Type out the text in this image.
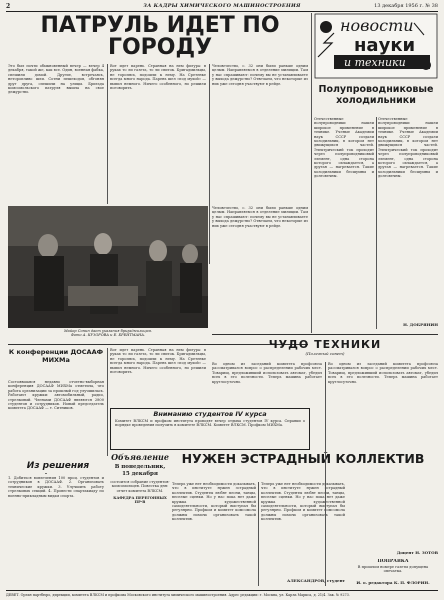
2	ЗА КАДРЫ ХИМИЧЕСКОГО МАШИНОСТРОЕНИЯ	13 декабря 1956 г. № 38
ПАТРУЛЬ ИДЕТ ПО ГОРОДУ
Это был почти обыкновенный вечер — вечер 4 декабря, такой же, как все. Один, военная фабка, спешили домой. Другие, встречаясь, неторопливо шли. Сотни пешеходов, обгоняя друг друга, спешили на улицы. Бригада комсомольского патруля вышла на свое дежурство.
Вот идет парень. Странная на нем фигура: в руках то ли газета, то ли свиток. Бригадмильцы, не торопясь, подошли к нему. На Сретенке всегда много народа. Парень шел «под мухой» — выпил немного. Ничего особенного, но решили поговорить.
Человечество, с. 32 они были раньше одним целым. Направляемся в отделение милиции. Там у нас спрашивают: почему вы не устанавливаете у выхода дежурство? Отвечаем, что некоторые из них уже сегодня участвуют в рейде.
Майор Сонин дает указания бригадмильцам.
Фото А. КУЗОРОВА и Е. БРЕЙТМАНА.
Человечество, с. 32 они были раньше одним целым. Направляемся в отделение милиции. Там у нас спрашивают: почему вы не устанавливаете у выхода дежурство? Отвечаем, что некоторые из них уже сегодня участвуют в рейде.
К конференции ДОСААФ МИХМа
Состоявшаяся недавно отчетно-выборная конференция ДОСААФ МИХМа отметила, что работа организации за прошлый год улучшилась. Работают кружки: автомобильный, радио, стрелковый. Членами ДОСААФ являются 2800 студентов и сотрудников. Новый председатель комитета ДОСААФ — т. Ситников.
Вот идет парень. Странная на нем фигура: в руках то ли газета, то ли свиток. Бригадмильцы, не торопясь, подошли к нему. На Сретенке всегда много народа. Парень шел «под мухой» — выпил немного. Ничего особенного, но решили поговорить.
Вниманию студентов IV курса
Комитет ВЛКСМ и профком института проводят вечер отдыха студентов IV курса. Справки о порядке проведения получить в комитете ВЛКСМ. Комитет ВЛКСМ. Профком МИХМа.
Объявление
В понедельник, 15 декабря
состоится собрание студентов-комсомольцев. Повестка дня: отчет комитета ВЛКСМ.
КАФЕДРА ПЕРЕГОННЫХ ПР-В
Из решения
1. Добиться вовлечения 100 проц. студентов и сотрудников в ДОСААФ. 2. Организовать технические кружки. 3. Улучшить работу стрелковых секций. 4. Провести спартакиаду по военно-прикладным видам спорта.
НУЖЕН ЭСТРАДНЫЙ КОЛЛЕКТИВ
Теперь уже нет необходимости доказывать, что в институте нужен эстрадный коллектив. Студенты любят песни, танцы, веселые сценки. Но у нас пока нет даже кружка художественной самодеятельности, который выступал бы регулярно. Профком и комитет комсомола должны помочь организовать такой коллектив.
Теперь уже нет необходимости доказывать, что в институте нужен эстрадный коллектив. Студенты любят песни, танцы, веселые сценки. Но у нас пока нет даже кружка художественной самодеятельности, который выступал бы регулярно. Профком и комитет комсомола должны помочь организовать такой коллектив.
АЛЕКСАНДРОВ, студент
новости
науки
и техники
Полупроводниковые холодильники
Отечественные полупроводники нашли широкое применение в технике. Ученые Академии наук СССР создали холодильник, в котором нет движущихся частей. Электрический ток проходит через полупроводниковый элемент, одна сторона которого охлаждается, а другая — нагревается. Такие холодильники бесшумны и долговечны.
Отечественные полупроводники нашли широкое применение в технике. Ученые Академии наук СССР создали холодильник, в котором нет движущихся частей. Электрический ток проходит через полупроводниковый элемент, одна сторона которого охлаждается, а другая — нагревается. Такие холодильники бесшумны и долговечны.
Н. ДОБРЯНИН
ЧУДО ТЕХНИКИ
(Полезный совет)
Во одном из заседаний комитета профсоюза рассматривался вопрос о распределении рабочих мест. Товарищ, предложивший использовать автомат, убедил всех в его полезности. Теперь машина работает круглосуточно.
Во одном из заседаний комитета профсоюза рассматривался вопрос о распределении рабочих мест. Товарищ, предложивший использовать автомат, убедил всех в его полезности. Теперь машина работает круглосуточно.
Доцент Н. ЗОТОВ
ПОПРАВКА
В прошлом номере газеты допущена опечатка.
И. о. редактора К. П. ФЛОРИН.
ДЕВЕТ. Орган партбюро, дирекции, комитета ВЛКСМ и профкома Московского института химического машиностроения. Адрес редакции: г. Москва, ул. Карла Маркса, д. 21/4. Зак. № 9273.
